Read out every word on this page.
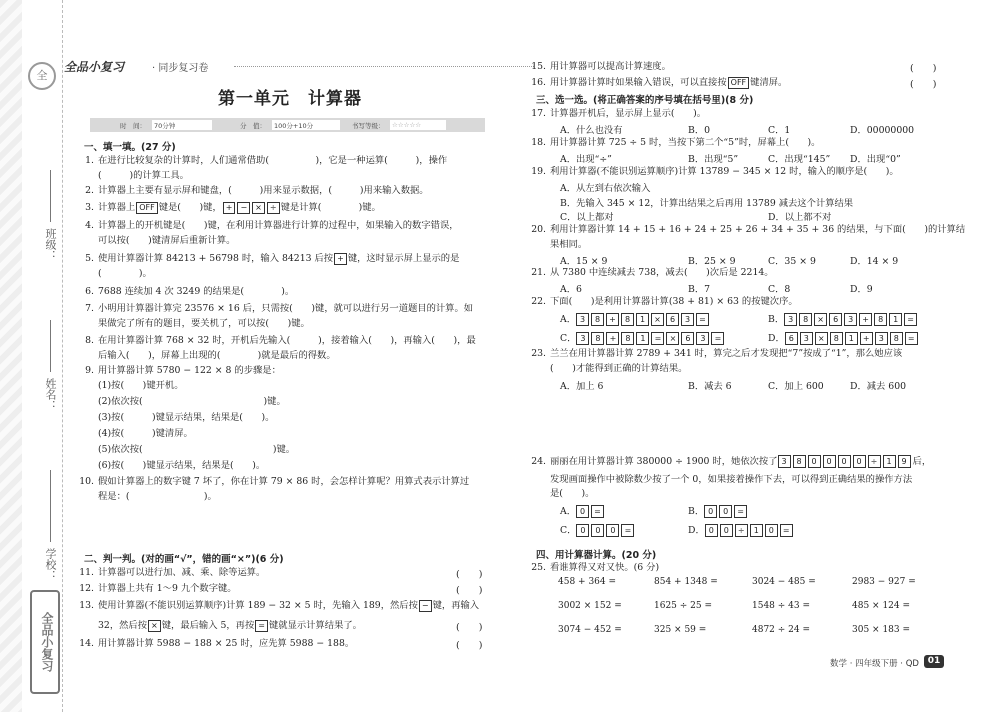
全
班级：
姓名：
学校：
全品小复习
全品小复习	· 同步复习卷
第一单元　计算器
时　间： 70分钟	分　值： 100分+10分	书写等级： ☆☆☆☆☆
一、填一填。(27 分)
1. 在进行比较复杂的计算时，人们通常借助(　　　　　)，它是一种运算(　　　)，操作
(　　　)的计算工具。
2. 计算器上主要有显示屏和键盘，(　　　)用来显示数据，(　　　)用来输入数据。
3. 计算器上 OFF 键是(　　)键， + − × ÷ 键是计算(　　　　)键。
4. 计算器上的开机键是(　　)键，在利用计算器进行计算的过程中，如果输入的数字错误，
可以按(　　)键清屏后重新计算。
5. 使用计算器计算 84213 + 56798 时，输入 84213 后按 + 键，这时显示屏上显示的是
(　　　　)。
6. 7688 连续加 4 次 3249 的结果是(　　　　)。
7. 小明用计算器计算完 23576 × 16 后，只需按(　　)键，就可以进行另一道题目的计算。如
果做完了所有的题目，要关机了，可以按(　　)键。
8. 在用计算器计算 768 × 32 时，开机后先输入(　　　)，接着输入(　　)，再输入(　　)，最
后输入(　　)，屏幕上出现的(　　　　)就是最后的得数。
9. 用计算器计算 5780 − 122 × 8 的步骤是：
(1)按(　　)键开机。
(2)依次按(　　　　　　　　　　　　　)键。
(3)按(　　　)键显示结果，结果是(　　)。
(4)按(　　　)键清屏。
(5)依次按(　　　　　　　　　　　　　　)键。
(6)按(　　)键显示结果，结果是(　　)。
10. 假如计算器上的数字键 7 坏了，你在计算 79 × 86 时，会怎样计算呢？用算式表示计算过
程是：(　　　　　　　　)。
二、判一判。(对的画“√”，错的画“×”)(6 分)
11. 计算器可以进行加、减、乘、除等运算。	(　　)
12. 计算器上共有 1～9 九个数字键。	(　　)
13. 使用计算器(不能识别运算顺序)计算 189 − 32 × 5 时，先输入 189，然后按 − 键，再输入
32，然后按 × 键，最后输入 5，再按 = 键就显示计算结果了。	(　　)
14. 用计算器计算 5988 − 188 × 25 时，应先算 5988 − 188。	(　　)
15. 用计算器可以提高计算速度。	(　　)
16. 用计算器计算时如果输入错误，可以直接按 OFF 键清屏。	(　　)
三、选一选。(将正确答案的序号填在括号里)(8 分)
17. 计算器开机后，显示屏上显示(　　)。
A．什么也没有	B．0	C．1	D．00000000
18. 用计算器计算 725 ÷ 5 时，当按下第二个“5”时，屏幕上(　　)。
A．出现“÷”	B．出现“5”	C．出现“145” D．出现“0”
19. 利用计算器(不能识别运算顺序)计算 13789 − 345 × 12 时，输入的顺序是(　　)。
A．从左到右依次输入
B．先输入 345 × 12，计算出结果之后再用 13789 减去这个计算结果
C．以上都对	D．以上都不对
20. 利用计算器计算 14 + 15 + 16 + 24 + 25 + 26 + 34 + 35 + 36 的结果，与下面(　　)的计算结
果相同。
A．15 × 9	B．25 × 9	C．35 × 9	D．14 × 9
21. 从 7380 中连续减去 738，减去(　　)次后是 2214。
A．6	B．7	C．8	D．9
22. 下面(　　)是利用计算器计算(38 + 81) × 63 的按键次序。
A． 3 8 + 8 1 × 6 3 =	B． 3 8 × 6 3 + 8 1 =
C． 3 8 + 8 1 = × 6 3 =	D． 6 3 × 8 1 + 3 8 =
23. 兰兰在用计算器计算 2789 + 341 时，算完之后才发现把“7”按成了“1”，那么她应该
(　　)才能得到正确的计算结果。
A．加上 6	B．减去 6	C．加上 600	D．减去 600
24. 丽丽在用计算器计算 380000 ÷ 1900 时，她依次按了 3 8 0 0 0 0 ÷ 1 9 后，
发现画面操作中被除数少按了一个 0，如果接着操作下去，可以得到正确结果的操作方法
是(　　)。
A． 0 =	B． 0 0 =
C． 0 0 0 =	D． 0 0 ÷ 1 0 =
四、用计算器计算。(20 分)
25. 看谁算得又对又快。(6 分)
458 + 364 =	854 + 1348 =	3024 − 485 =	2983 − 927 =
3002 × 152 =	1625 ÷ 25 =	1548 ÷ 43 =	485 × 124 =
3074 − 452 =	325 × 59 =	4872 ÷ 24 =	305 × 183 =
数学 · 四年级下册 · QD 01
